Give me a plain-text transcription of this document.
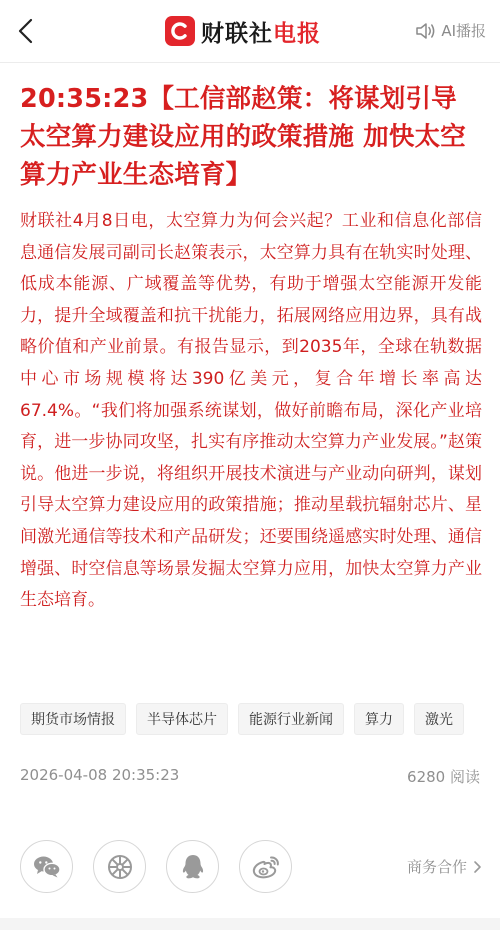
财联社电报	AI播报
20:35:23【工信部赵策：将谋划引导太空算力建设应用的政策措施 加快太空算力产业生态培育】

财联社4月8日电，太空算力为何会兴起？工业和信息化部信息通信发展司副司长赵策表示，太空算力具有在轨实时处理、低成本能源、广域覆盖等优势，有助于增强太空能源开发能力，提升全域覆盖和抗干扰能力，拓展网络应用边界，具有战略价值和产业前景。有报告显示，到2035年，全球在轨数据中心市场规模将达390亿美元，复合年增长率高达67.4%。“我们将加强系统谋划，做好前瞻布局，深化产业培育，进一步协同攻坚，扎实有序推动太空算力产业发展。”赵策说。他进一步说，将组织开展技术演进与产业动向研判，谋划引导太空算力建设应用的政策措施；推动星载抗辐射芯片、星间激光通信等技术和产品研发；还要围绕遥感实时处理、通信增强、时空信息等场景发掘太空算力应用，加快太空算力产业生态培育。

期货市场情报	半导体芯片	能源行业新闻	算力	激光
2026-04-08 20:35:23	6280 阅读
商务合作
